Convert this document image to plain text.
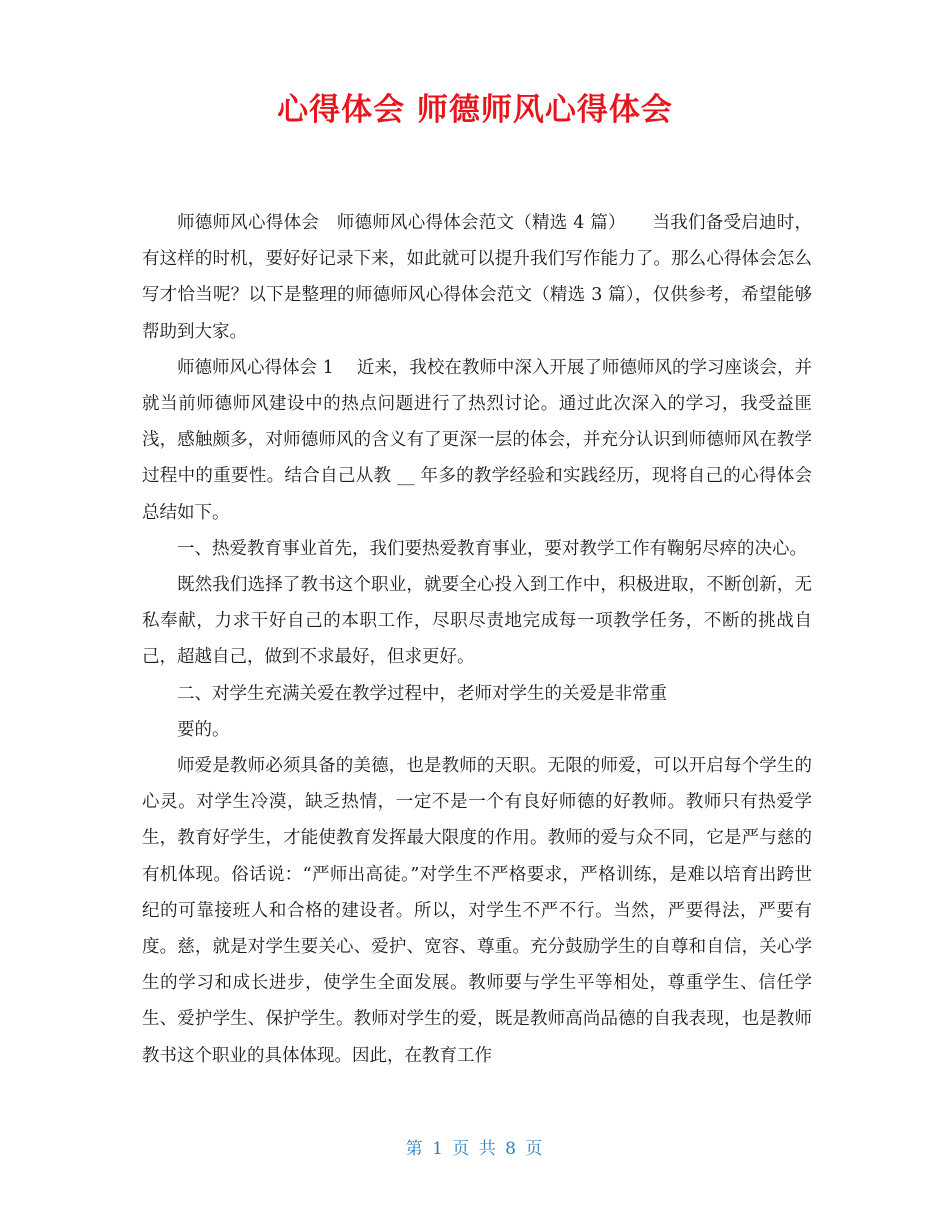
心得体会 师德师风心得体会

师德师风心得体会　师德师风心得体会范文（精选 4 篇）　　当我们备受启迪时，有这样的时机，要好好记录下来，如此就可以提升我们写作能力了。那么心得体会怎么写才恰当呢？以下是整理的师德师风心得体会范文（精选 3 篇），仅供参考，希望能够帮助到大家。

师德师风心得体会 1　 近来，我校在教师中深入开展了师德师风的学习座谈会，并就当前师德师风建设中的热点问题进行了热烈讨论。通过此次深入的学习，我受益匪浅，感触颇多，对师德师风的含义有了更深一层的体会，并充分认识到师德师风在教学过程中的重要性。结合自己从教 __ 年多的教学经验和实践经历，现将自己的心得体会总结如下。

一、热爱教育事业首先，我们要热爱教育事业，要对教学工作有鞠躬尽瘁的决心。

既然我们选择了教书这个职业，就要全心投入到工作中，积极进取，不断创新，无私奉献，力求干好自己的本职工作，尽职尽责地完成每一项教学任务，不断的挑战自己，超越自己，做到不求最好，但求更好。

二、对学生充满关爱在教学过程中，老师对学生的关爱是非常重

要的。

师爱是教师必须具备的美德，也是教师的天职。无限的师爱，可以开启每个学生的心灵。对学生冷漠，缺乏热情，一定不是一个有良好师德的好教师。教师只有热爱学生，教育好学生，才能使教育发挥最大限度的作用。教师的爱与众不同，它是严与慈的有机体现。俗话说：“严师出高徒。”对学生不严格要求，严格训练，是难以培育出跨世纪的可靠接班人和合格的建设者。所以，对学生不严不行。当然，严要得法，严要有度。慈，就是对学生要关心、爱护、宽容、尊重。充分鼓励学生的自尊和自信，关心学生的学习和成长进步，使学生全面发展。教师要与学生平等相处，尊重学生、信任学生、爱护学生、保护学生。教师对学生的爱，既是教师高尚品德的自我表现，也是教师教书这个职业的具体体现。因此，在教育工作

第 1 页 共 8 页
